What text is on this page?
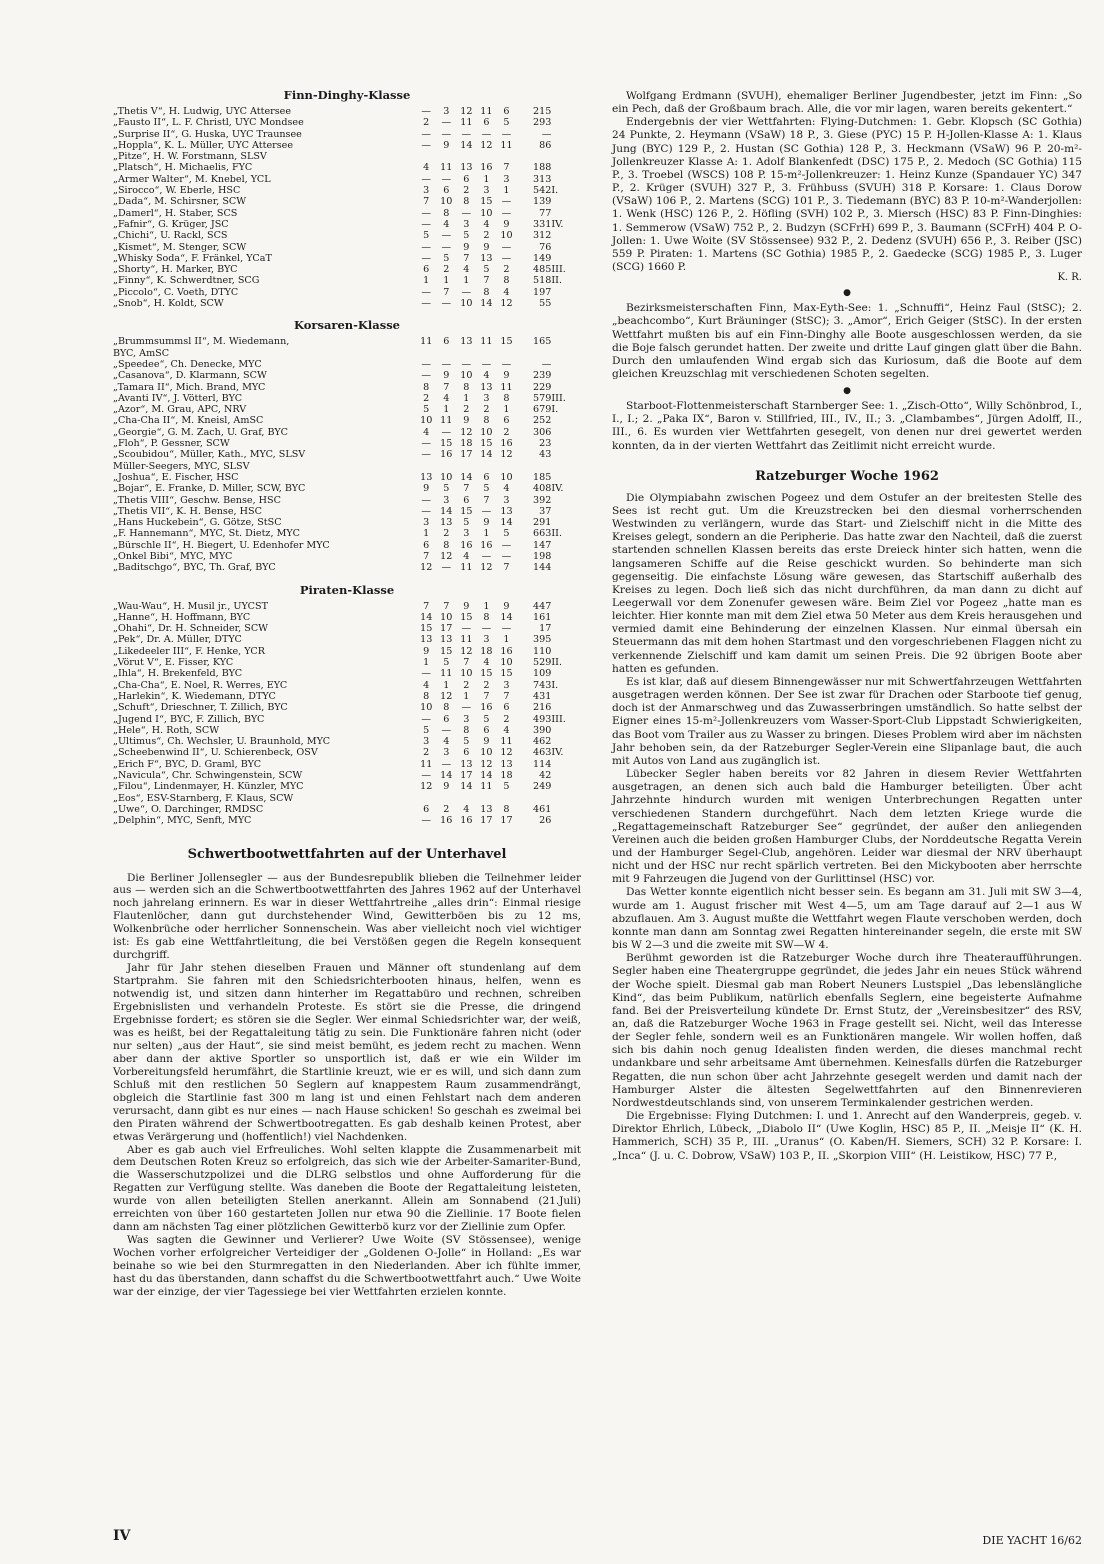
Finn-Dinghy-Klasse
„Thetis V“, H. Ludwig, UYC Attersee	—	3	12	11	6	215	
„Fausto II“, L. F. Christl, UYC Mondsee	2	—	11	6	5	293	
„Surprise II“, G. Huska, UYC Traunsee	—	—	—	—	—	—	
„Hoppla“, K. L. Müller, UYC Attersee	—	9	14	12	11	86	
„Pitze“, H. W. Forstmann, SLSV							
„Platsch“, H. Michaelis, FYC	4	11	13	16	7	188	
„Armer Walter“, M. Knebel, YCL	—	—	6	1	3	313	
„Sirocco“, W. Eberle, HSC	3	6	2	3	1	542	I.
„Dada“, M. Schirsner, SCW	7	10	8	15	—	139	
„Damerl“, H. Staber, SCS	—	8	—	10	—	77	
„Fafnir“, G. Krüger, JSC	—	4	3	4	9	331	IV.
„Chichi“, U. Rackl, SCS	5	—	5	2	10	312	
„Kismet“, M. Stenger, SCW	—	—	9	9	—	76	
„Whisky Soda“, F. Fränkel, YCaT	—	5	7	13	—	149	
„Shorty“, H. Marker, BYC	6	2	4	5	2	485	III.
„Finny“, K. Schwerdtner, SCG	1	1	1	7	8	518	II.
„Piccolo“, C. Voeth, DTYC	—	7	—	8	4	197	
„Snob“, H. Koldt, SCW	—	—	10	14	12	55	
Korsaren-Klasse
„Brummsummsl II“, M. Wiedemann,	11	6	13	11	15	165	
BYC, AmSC							
„Speedee“, Ch. Denecke, MYC	—	—	—	—	—	—	
„Casanova“, D. Klarmann, SCW	—	9	10	4	9	239	
„Tamara II“, Mich. Brand, MYC	8	7	8	13	11	229	
„Avanti IV“, J. Vötterl, BYC	2	4	1	3	8	579	III.
„Azor“, M. Grau, APC, NRV	5	1	2	2	1	679	I.
„Cha-Cha II“, M. Kneisl, AmSC	10	11	9	8	6	252	
„Georgie“, G. M. Zach, U. Graf, BYC	4	—	12	10	2	306	
„Floh“, P. Gessner, SCW	—	15	18	15	16	23	
„Scoubidou“, Müller, Kath., MYC, SLSV	—	16	17	14	12	43	
Müller-Seegers, MYC, SLSV							
„Joshua“, E. Fischer, HSC	13	10	14	6	10	185	
„Bojar“, E. Franke, D. Miller, SCW, BYC	9	5	7	5	4	408	IV.
„Thetis VIII“, Geschw. Bense, HSC	—	3	6	7	3	392	
„Thetis VII“, K. H. Bense, HSC	—	14	15	—	13	37	
„Hans Huckebein“, G. Götze, StSC	3	13	5	9	14	291	
„F. Hannemann“, MYC, St. Dietz, MYC	1	2	3	1	5	663	II.
„Bürschle II“, H. Biegert, U. Edenhofer MYC	6	8	16	16	—	147	
„Onkel Bibi“, MYC, MYC	7	12	4	—	—	198	
„Baditschgo“, BYC, Th. Graf, BYC	12	—	11	12	7	144	
Piraten-Klasse
„Wau-Wau“, H. Musil jr., UYCST	7	7	9	1	9	447	
„Hanne“, H. Hoffmann, BYC	14	10	15	8	14	161	
„Ohahi“, Dr. H. Schneider, SCW	15	17	—	—	—	17	
„Pek“, Dr. A. Müller, DTYC	13	13	11	3	1	395	
„Likedeeler III“, F. Henke, YCR	9	15	12	18	16	110	
„Vörut V“, E. Fisser, KYC	1	5	7	4	10	529	II.
„Ihla“, H. Brekenfeld, BYC	—	11	10	15	15	109	
„Cha-Cha“, E. Noel, R. Werres, EYC	4	1	2	2	3	743	I.
„Harlekin“, K. Wiedemann, DTYC	8	12	1	7	7	431	
„Schuft“, Drieschner, T. Zillich, BYC	10	8	—	16	6	216	
„Jugend I“, BYC, F. Zillich, BYC	—	6	3	5	2	493	III.
„Hele“, H. Roth, SCW	5	—	8	6	4	390	
„Ultimus“, Ch. Wechsler, U. Braunhold, MYC	3	4	5	9	11	462	
„Scheebenwind II“, U. Schierenbeck, OSV	2	3	6	10	12	463	IV.
„Erich F“, BYC, D. Graml, BYC	11	—	13	12	13	114	
„Navicula“, Chr. Schwingenstein, SCW	—	14	17	14	18	42	
„Filou“, Lindenmayer, H. Künzler, MYC	12	9	14	11	5	249	
„Eos“, ESV-Starnberg, F. Klaus, SCW							
„Uwe“, O. Darchinger, RMDSC	6	2	4	13	8	461	
„Delphin“, MYC, Senft, MYC	—	16	16	17	17	26	
Schwertbootwettfahrten auf der Unterhavel

Die Berliner Jollensegler — aus der Bundesrepublik blieben die Teilnehmer leider aus — werden sich an die Schwertbootwettfahrten des Jahres 1962 auf der Unterhavel noch jahrelang erinnern. Es war in dieser Wettfahrtreihe „alles drin“: Einmal riesige Flautenlöcher, dann gut durchstehender Wind, Gewitterböen bis zu 12 ms, Wolkenbrüche oder herrlicher Sonnenschein. Was aber vielleicht noch viel wichtiger ist: Es gab eine Wettfahrtleitung, die bei Verstößen gegen die Regeln konsequent durchgriff.

Jahr für Jahr stehen dieselben Frauen und Männer oft stundenlang auf dem Startprahm. Sie fahren mit den Schiedsrichterbooten hinaus, helfen, wenn es notwendig ist, und sitzen dann hinterher im Regattabüro und rechnen, schreiben Ergebnislisten und verhandeln Proteste. Es stört sie die Presse, die dringend Ergebnisse fordert; es stören sie die Segler. Wer einmal Schiedsrichter war, der weiß, was es heißt, bei der Regattaleitung tätig zu sein. Die Funktionäre fahren nicht (oder nur selten) „aus der Haut“, sie sind meist bemüht, es jedem recht zu machen. Wenn aber dann der aktive Sportler so unsportlich ist, daß er wie ein Wilder im Vorbereitungsfeld herumfährt, die Startlinie kreuzt, wie er es will, und sich dann zum Schluß mit den restlichen 50 Seglern auf knappestem Raum zusammendrängt, obgleich die Startlinie fast 300 m lang ist und einen Fehlstart nach dem anderen verursacht, dann gibt es nur eines — nach Hause schicken! So geschah es zweimal bei den Piraten während der Schwertbootregatten. Es gab deshalb keinen Protest, aber etwas Verärgerung und (hoffentlich!) viel Nachdenken.

Aber es gab auch viel Erfreuliches. Wohl selten klappte die Zusammenarbeit mit dem Deutschen Roten Kreuz so erfolgreich, das sich wie der Arbeiter-Samariter-Bund, die Wasserschutzpolizei und die DLRG selbstlos und ohne Aufforderung für die Regatten zur Verfügung stellte. Was daneben die Boote der Regattaleitung leisteten, wurde von allen beteiligten Stellen anerkannt. Allein am Sonnabend (21.Juli) erreichten von über 160 gestarteten Jollen nur etwa 90 die Ziellinie. 17 Boote fielen dann am nächsten Tag einer plötzlichen Gewitterbö kurz vor der Ziellinie zum Opfer.

Was sagten die Gewinner und Verlierer? Uwe Woite (SV Stössensee), wenige Wochen vorher erfolgreicher Verteidiger der „Goldenen O-Jolle“ in Holland: „Es war beinahe so wie bei den Sturmregatten in den Niederlanden. Aber ich fühlte immer, hast du das überstanden, dann schaffst du die Schwertbootwettfahrt auch.“ Uwe Woite war der einzige, der vier Tagessiege bei vier Wettfahrten erzielen konnte.

Wolfgang Erdmann (SVUH), ehemaliger Berliner Jugendbester, jetzt im Finn: „So ein Pech, daß der Großbaum brach. Alle, die vor mir lagen, waren bereits gekentert.“

Endergebnis der vier Wettfahrten: Flying-Dutchmen: 1. Gebr. Klopsch (SC Gothia) 24 Punkte, 2. Heymann (VSaW) 18 P., 3. Giese (PYC) 15 P. H-Jollen-Klasse A: 1. Klaus Jung (BYC) 129 P., 2. Hustan (SC Gothia) 128 P., 3. Heckmann (VSaW) 96 P. 20-m²-Jollenkreuzer Klasse A: 1. Adolf Blankenfedt (DSC) 175 P., 2. Medoch (SC Gothia) 115 P., 3. Troebel (WSCS) 108 P. 15-m²-Jollenkreuzer: 1. Heinz Kunze (Spandauer YC) 347 P., 2. Krüger (SVUH) 327 P., 3. Frühbuss (SVUH) 318 P. Korsare: 1. Claus Dorow (VSaW) 106 P., 2. Martens (SCG) 101 P., 3. Tiedemann (BYC) 83 P. 10-m²-Wanderjollen: 1. Wenk (HSC) 126 P., 2. Höfling (SVH) 102 P., 3. Miersch (HSC) 83 P. Finn-Dinghies: 1. Semmerow (VSaW) 752 P., 2. Budzyn (SCFrH) 699 P., 3. Baumann (SCFrH) 404 P. O-Jollen: 1. Uwe Woite (SV Stössensee) 932 P., 2. Dedenz (SVUH) 656 P., 3. Reiber (JSC) 559 P. Piraten: 1. Martens (SC Gothia) 1985 P., 2. Gaedecke (SCG) 1985 P., 3. Luger (SCG) 1660 P.

K. R.
●

Bezirksmeisterschaften Finn, Max-Eyth-See: 1. „Schnuffi“, Heinz Faul (StSC); 2. „beachcombo“, Kurt Bräuninger (StSC); 3. „Amor“, Erich Geiger (StSC). In der ersten Wettfahrt mußten bis auf ein Finn-Dinghy alle Boote ausgeschlossen werden, da sie die Boje falsch gerundet hatten. Der zweite und dritte Lauf gingen glatt über die Bahn. Durch den umlaufenden Wind ergab sich das Kuriosum, daß die Boote auf dem gleichen Kreuzschlag mit verschiedenen Schoten segelten.

●

Starboot-Flottenmeisterschaft Starnberger See: 1. „Zisch-Otto“, Willy Schönbrod, I., I., I.; 2. „Paka IX“, Baron v. Stillfried, III., IV., II.; 3. „Clambambes“, Jürgen Adolff, II., III., 6. Es wurden vier Wettfahrten gesegelt, von denen nur drei gewertet werden konnten, da in der vierten Wettfahrt das Zeitlimit nicht erreicht wurde.

Ratzeburger Woche 1962

Die Olympiabahn zwischen Pogeez und dem Ostufer an der breitesten Stelle des Sees ist recht gut. Um die Kreuzstrecken bei den diesmal vorherrschenden Westwinden zu verlängern, wurde das Start- und Zielschiff nicht in die Mitte des Kreises gelegt, sondern an die Peripherie. Das hatte zwar den Nachteil, daß die zuerst startenden schnellen Klassen bereits das erste Dreieck hinter sich hatten, wenn die langsameren Schiffe auf die Reise geschickt wurden. So behinderte man sich gegenseitig. Die einfachste Lösung wäre gewesen, das Startschiff außerhalb des Kreises zu legen. Doch ließ sich das nicht durchführen, da man dann zu dicht auf Leegerwall vor dem Zonenufer gewesen wäre. Beim Ziel vor Pogeez „hatte man es leichter. Hier konnte man mit dem Ziel etwa 50 Meter aus dem Kreis herausgehen und vermied damit eine Behinderung der einzelnen Klassen. Nur einmal übersah ein Steuermann das mit dem hohen Startmast und den vorgeschriebenen Flaggen nicht zu verkennende Zielschiff und kam damit um seinen Preis. Die 92 übrigen Boote aber hatten es gefunden.

Es ist klar, daß auf diesem Binnengewässer nur mit Schwertfahrzeugen Wettfahrten ausgetragen werden können. Der See ist zwar für Drachen oder Starboote tief genug, doch ist der Anmarschweg und das Zuwasserbringen umständlich. So hatte selbst der Eigner eines 15-m²-Jollenkreuzers vom Wasser-Sport-Club Lippstadt Schwierigkeiten, das Boot vom Trailer aus zu Wasser zu bringen. Dieses Problem wird aber im nächsten Jahr behoben sein, da der Ratzeburger Segler-Verein eine Slipanlage baut, die auch mit Autos von Land aus zugänglich ist.

Lübecker Segler haben bereits vor 82 Jahren in diesem Revier Wettfahrten ausgetragen, an denen sich auch bald die Hamburger beteiligten. Über acht Jahrzehnte hindurch wurden mit wenigen Unterbrechungen Regatten unter verschiedenen Standern durchgeführt. Nach dem letzten Kriege wurde die „Regattagemeinschaft Ratzeburger See“ gegründet, der außer den anliegenden Vereinen auch die beiden großen Hamburger Clubs, der Norddeutsche Regatta Verein und der Hamburger Segel-Club, angehören. Leider war diesmal der NRV überhaupt nicht und der HSC nur recht spärlich vertreten. Bei den Mickybooten aber herrschte mit 9 Fahrzeugen die Jugend von der Gurlittinsel (HSC) vor.

Das Wetter konnte eigentlich nicht besser sein. Es begann am 31. Juli mit SW 3—4, wurde am 1. August frischer mit West 4—5, um am Tage darauf auf 2—1 aus W abzuflauen. Am 3. August mußte die Wettfahrt wegen Flaute verschoben werden, doch konnte man dann am Sonntag zwei Regatten hintereinander segeln, die erste mit SW bis W 2—3 und die zweite mit SW—W 4.

Berühmt geworden ist die Ratzeburger Woche durch ihre Theateraufführungen. Segler haben eine Theatergruppe gegründet, die jedes Jahr ein neues Stück während der Woche spielt. Diesmal gab man Robert Neuners Lustspiel „Das lebenslängliche Kind“, das beim Publikum, natürlich ebenfalls Seglern, eine begeisterte Aufnahme fand. Bei der Preisverteilung kündete Dr. Ernst Stutz, der „Vereinsbesitzer“ des RSV, an, daß die Ratzeburger Woche 1963 in Frage gestellt sei. Nicht, weil das Interesse der Segler fehle, sondern weil es an Funktionären mangele. Wir wollen hoffen, daß sich bis dahin noch genug Idealisten finden werden, die dieses manchmal recht undankbare und sehr arbeitsame Amt übernehmen. Keinesfalls dürfen die Ratzeburger Regatten, die nun schon über acht Jahrzehnte gesegelt werden und damit nach der Hamburger Alster die ältesten Segelwettfahrten auf den Binnenrevieren Nordwestdeutschlands sind, von unserem Terminkalender gestrichen werden.

Die Ergebnisse: Flying Dutchmen: I. und 1. Anrecht auf den Wanderpreis, gegeb. v. Direktor Ehrlich, Lübeck, „Diabolo II“ (Uwe Koglin, HSC) 85 P., II. „Meisje II“ (K. H. Hammerich, SCH) 35 P., III. „Uranus“ (O. Kaben/H. Siemers, SCH) 32 P. Korsare: I. „Inca“ (J. u. C. Dobrow, VSaW) 103 P., II. „Skorpion VIII“ (H. Leistikow, HSC) 77 P.,

IV	DIE YACHT 16/62
